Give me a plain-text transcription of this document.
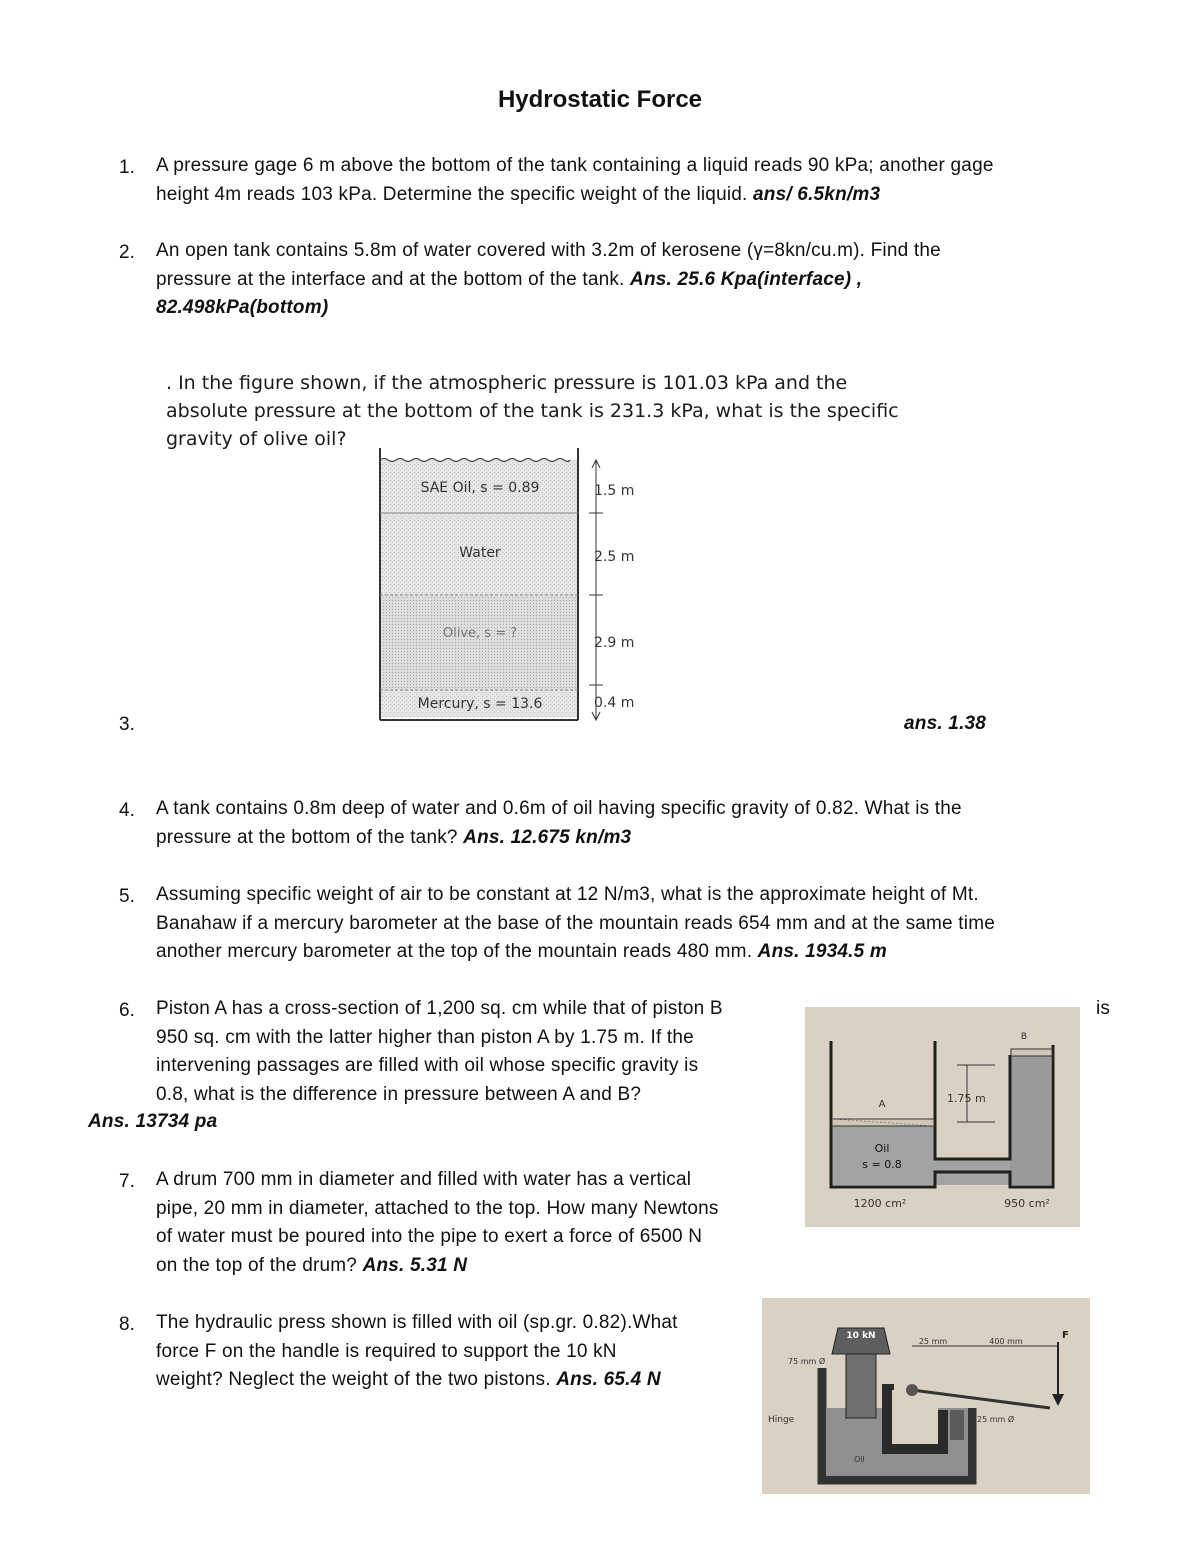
Hydrostatic Force
1. A pressure gage 6 m above the bottom of the tank containing a liquid reads 90 kPa; another gage
height 4m reads 103 kPa. Determine the specific weight of the liquid. ans/ 6.5kn/m3
2. An open tank contains 5.8m of water covered with 3.2m of kerosene (γ=8kn/cu.m). Find the
pressure at the interface and at the bottom of the tank. Ans. 25.6 Kpa(interface) ,
82.498kPa(bottom)
. In the figure shown, if the atmospheric pressure is 101.03 kPa and the
absolute pressure at the bottom of the tank is 231.3 kPa, what is the specific
gravity of olive oil?
SAE Oil, s = 0.89
Water
Olive, s = ?
Mercury, s = 13.6
1.5 m
2.5 m
2.9 m
0.4 m
3.	ans. 1.38
4. A tank contains 0.8m deep of water and 0.6m of oil having specific gravity of 0.82. What is the
pressure at the bottom of the tank? Ans. 12.675 kn/m3
5. Assuming specific weight of air to be constant at 12 N/m3, what is the approximate height of Mt.
Banahaw if a mercury barometer at the base of the mountain reads 654 mm and at the same time
another mercury barometer at the top of the mountain reads 480 mm. Ans. 1934.5 m
6. Piston A has a cross-section of 1,200 sq. cm while that of piston B
950 sq. cm with the latter higher than piston A by 1.75 m. If the
intervening passages are filled with oil whose specific gravity is
0.8, what is the difference in pressure between A and B?
is
Ans. 13734 pa
1.75 m
A
B
Oil
s = 0.8
1200 cm²	950 cm²
7. A drum 700 mm in diameter and filled with water has a vertical
pipe, 20 mm in diameter, attached to the top. How many Newtons
of water must be poured into the pipe to exert a force of 6500 N
on the top of the drum? Ans. 5.31 N
8. The hydraulic press shown is filled with oil (sp.gr. 0.82).What
force F on the handle is required to support the 10 kN
weight? Neglect the weight of the two pistons. Ans. 65.4 N
10 kN	F
25 mm	400 mm
75 mm Ø
25 mm Ø
Hinge
Oil
